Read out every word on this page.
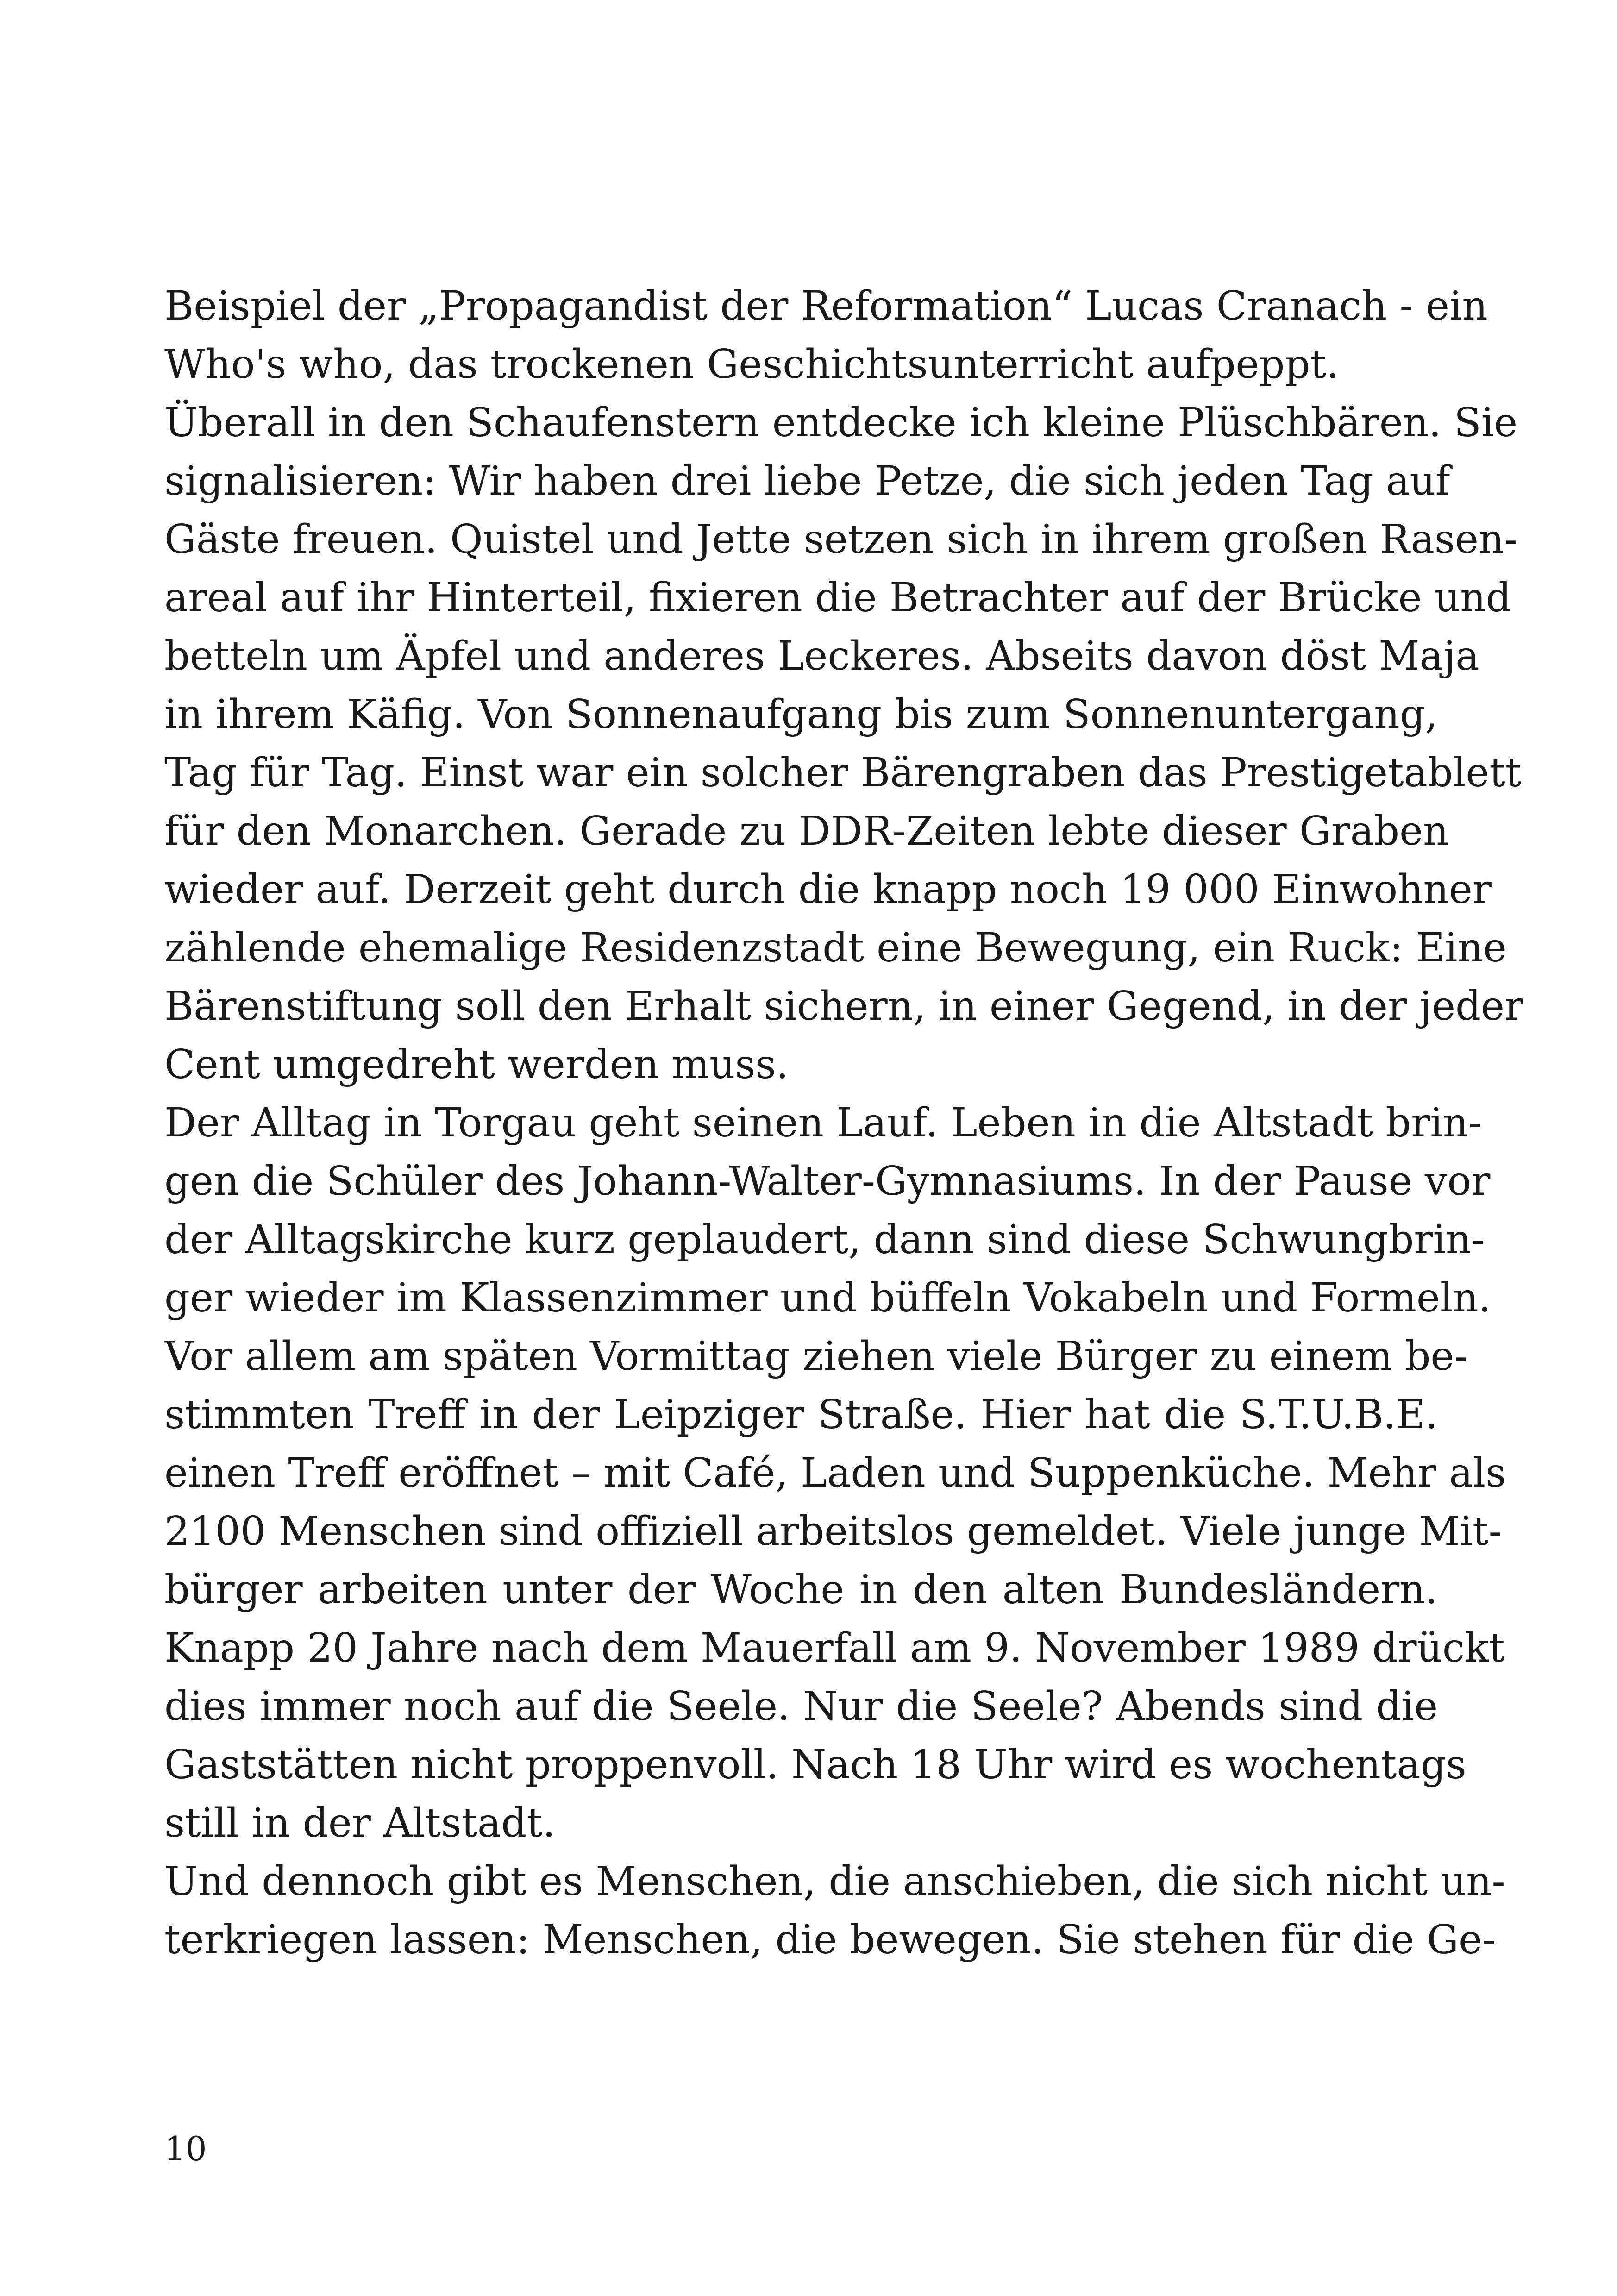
Beispiel der „Propagandist der Reformation“ Lucas Cranach - ein
Who's who, das trockenen Geschichtsunterricht aufpeppt.
Überall in den Schaufenstern entdecke ich kleine Plüschbären. Sie
signalisieren: Wir haben drei liebe Petze, die sich jeden Tag auf
Gäste freuen. Quistel und Jette setzen sich in ihrem großen Rasen-
areal auf ihr Hinterteil, fixieren die Betrachter auf der Brücke und
betteln um Äpfel und anderes Leckeres. Abseits davon döst Maja
in ihrem Käfig. Von Sonnenaufgang bis zum Sonnenuntergang,
Tag für Tag. Einst war ein solcher Bärengraben das Prestigetablett
für den Monarchen. Gerade zu DDR-Zeiten lebte dieser Graben
wieder auf. Derzeit geht durch die knapp noch 19 000 Einwohner
zählende ehemalige Residenzstadt eine Bewegung, ein Ruck: Eine
Bärenstiftung soll den Erhalt sichern, in einer Gegend, in der jeder
Cent umgedreht werden muss.
Der Alltag in Torgau geht seinen Lauf. Leben in die Altstadt brin-
gen die Schüler des Johann-Walter-Gymnasiums. In der Pause vor
der Alltagskirche kurz geplaudert, dann sind diese Schwungbrin-
ger wieder im Klassenzimmer und büffeln Vokabeln und Formeln.
Vor allem am späten Vormittag ziehen viele Bürger zu einem be-
stimmten Treff in der Leipziger Straße. Hier hat die S.T.U.B.E.
einen Treff eröffnet – mit Café, Laden und Suppenküche. Mehr als
2100 Menschen sind offiziell arbeitslos gemeldet. Viele junge Mit-
bürger arbeiten unter der Woche in den alten Bundesländern.
Knapp 20 Jahre nach dem Mauerfall am 9. November 1989 drückt
dies immer noch auf die Seele. Nur die Seele? Abends sind die
Gaststätten nicht proppenvoll. Nach 18 Uhr wird es wochentags
still in der Altstadt.
Und dennoch gibt es Menschen, die anschieben, die sich nicht un-
terkriegen lassen: Menschen, die bewegen. Sie stehen für die Ge-
10
